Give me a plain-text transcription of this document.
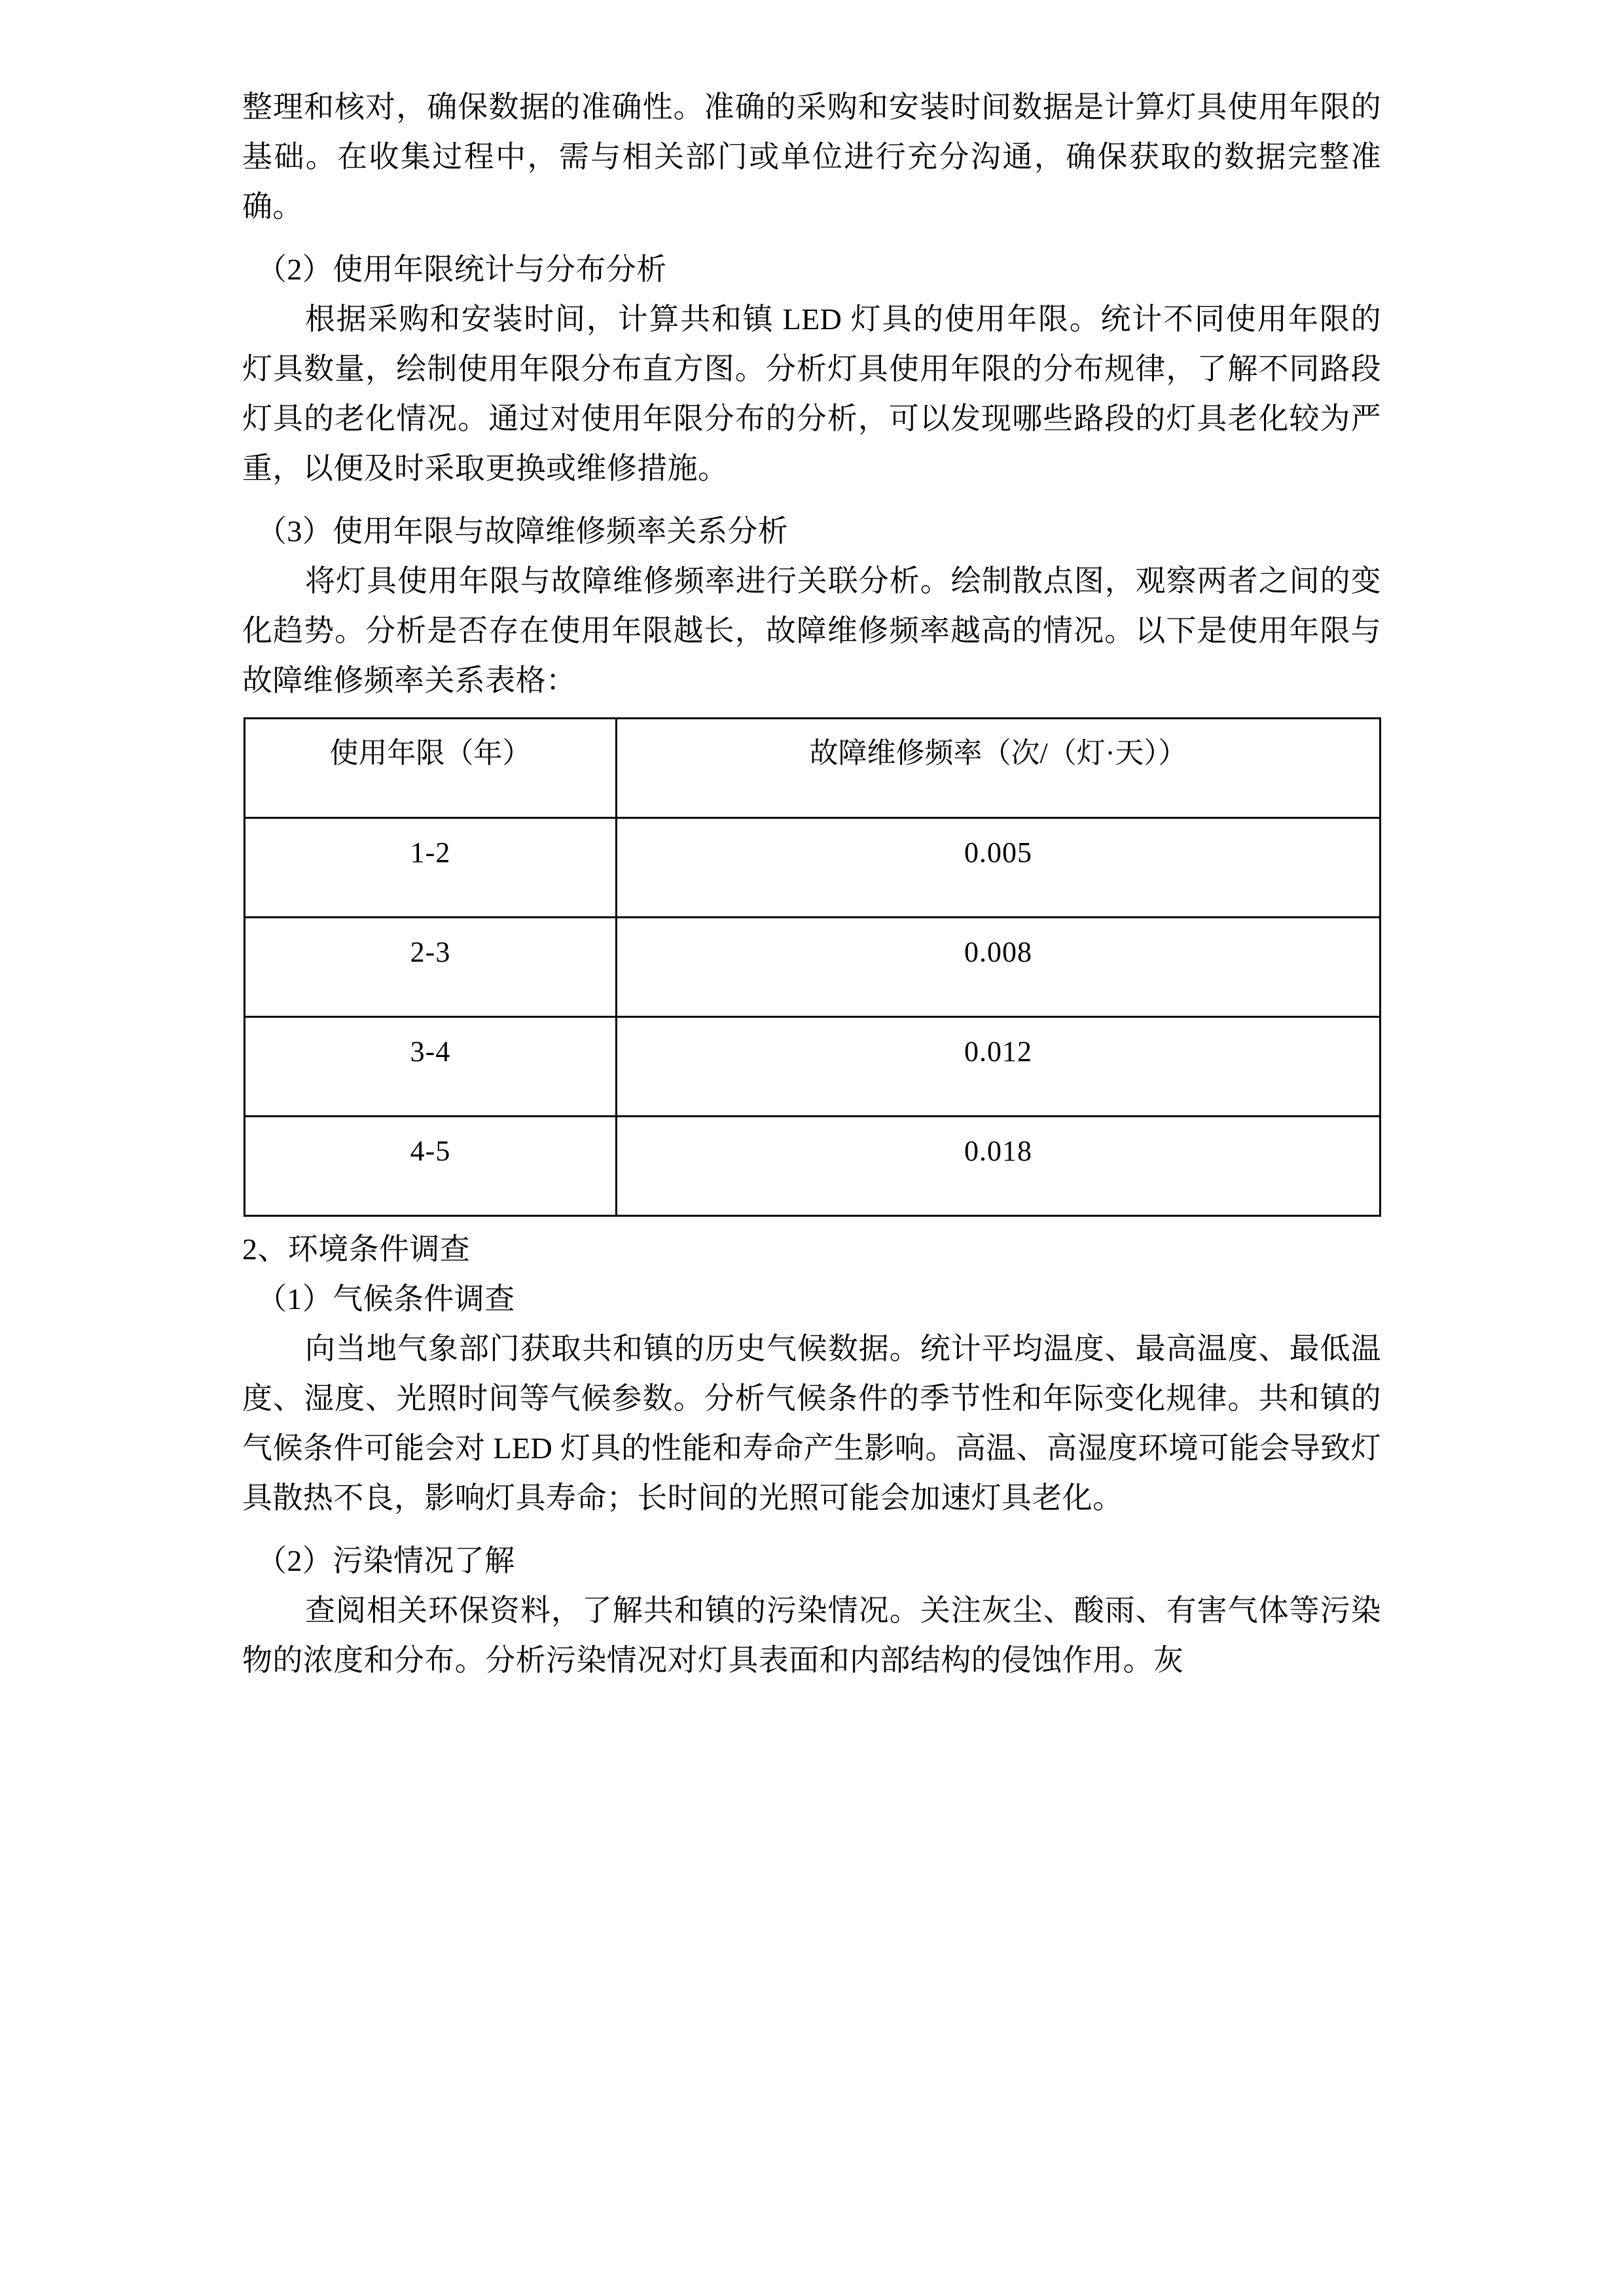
整理和核对，确保数据的准确性。准确的采购和安装时间数据是计算灯具使用年限的基础。在收集过程中，需与相关部门或单位进行充分沟通，确保获取的数据完整准确。

（2）使用年限统计与分布分析

根据采购和安装时间，计算共和镇 LED 灯具的使用年限。统计不同使用年限的灯具数量，绘制使用年限分布直方图。分析灯具使用年限的分布规律，了解不同路段灯具的老化情况。通过对使用年限分布的分析，可以发现哪些路段的灯具老化较为严重，以便及时采取更换或维修措施。

（3）使用年限与故障维修频率关系分析

将灯具使用年限与故障维修频率进行关联分析。绘制散点图，观察两者之间的变化趋势。分析是否存在使用年限越长，故障维修频率越高的情况。以下是使用年限与故障维修频率关系表格：

使用年限（年）	故障维修频率（次/（灯·天））
1-2	0.005
2-3	0.008
3-4	0.012
4-5	0.018

2、环境条件调查

（1）气候条件调查

向当地气象部门获取共和镇的历史气候数据。统计平均温度、最高温度、最低温度、湿度、光照时间等气候参数。分析气候条件的季节性和年际变化规律。共和镇的气候条件可能会对 LED 灯具的性能和寿命产生影响。高温、高湿度环境可能会导致灯具散热不良，影响灯具寿命；长时间的光照可能会加速灯具老化。

（2）污染情况了解

查阅相关环保资料，了解共和镇的污染情况。关注灰尘、酸雨、有害气体等污染物的浓度和分布。分析污染情况对灯具表面和内部结构的侵蚀作用。灰
